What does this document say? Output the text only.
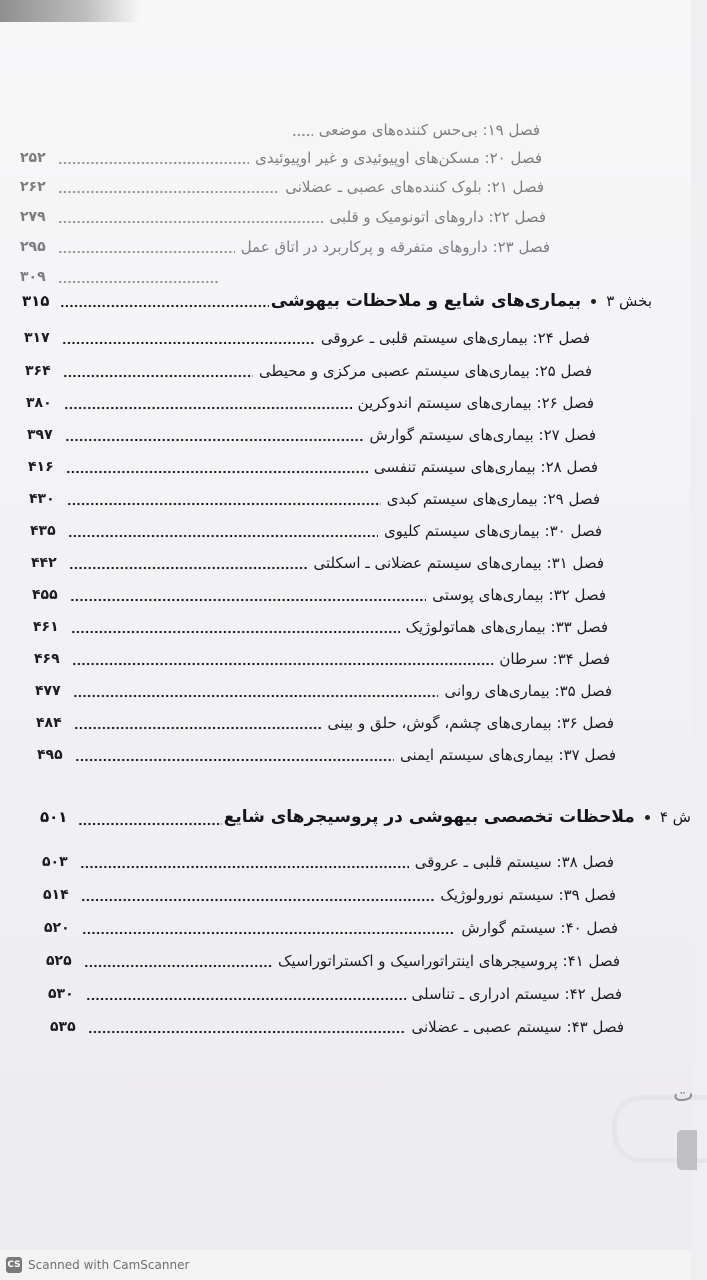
فصل ۱۹: بی‌حس کننده‌های موضعی
فصل ۲۰: مسکن‌های اوپیوئیدی و غیر اوپیوئیدی
۲۵۲
فصل ۲۱: بلوک کننده‌های عصبی ـ عضلانی
۲۶۲
فصل ۲۲: داروهای اتونومیک و قلبی
۲۷۹
فصل ۲۳: داروهای متفرقه و پرکاربرد در اتاق عمل
۲۹۵
۳۰۹
بخش ۳
بیماری‌های شایع و ملاحظات بیهوشی
۳۱۵
فصل ۲۴: بیماری‌های سیستم قلبی ـ عروقی
۳۱۷
فصل ۲۵: بیماری‌های سیستم عصبی مرکزی و محیطی
۳۶۴
فصل ۲۶: بیماری‌های سیستم اندوکرین
۳۸۰
فصل ۲۷: بیماری‌های سیستم گوارش
۳۹۷
فصل ۲۸: بیماری‌های سیستم تنفسی
۴۱۶
فصل ۲۹: بیماری‌های سیستم کبدی
۴۳۰
فصل ۳۰: بیماری‌های سیستم کلیوی
۴۳۵
فصل ۳۱: بیماری‌های سیستم عضلانی ـ اسکلتی
۴۴۲
فصل ۳۲: بیماری‌های پوستی
۴۵۵
فصل ۳۳: بیماری‌های هماتولوژیک
۴۶۱
فصل ۳۴: سرطان
۴۶۹
فصل ۳۵: بیماری‌های روانی
۴۷۷
فصل ۳۶: بیماری‌های چشم، گوش، حلق و بینی
۴۸۴
فصل ۳۷: بیماری‌های سیستم ایمنی
۴۹۵
ش ۴
ملاحظات تخصصی بیهوشی در پروسیجرهای شایع
۵۰۱
فصل ۳۸: سیستم قلبی ـ عروقی
۵۰۳
فصل ۳۹: سیستم نورولوژیک
۵۱۴
فصل ۴۰: سیستم گوارش
۵۲۰
فصل ۴۱: پروسیجرهای اینتراتوراسیک و اکستراتوراسیک
۵۲۵
فصل ۴۲: سیستم ادراری ـ تناسلی
۵۳۰
فصل ۴۳: سیستم عصبی ـ عضلانی
۵۳۵
ت
CS Scanned with CamScanner
